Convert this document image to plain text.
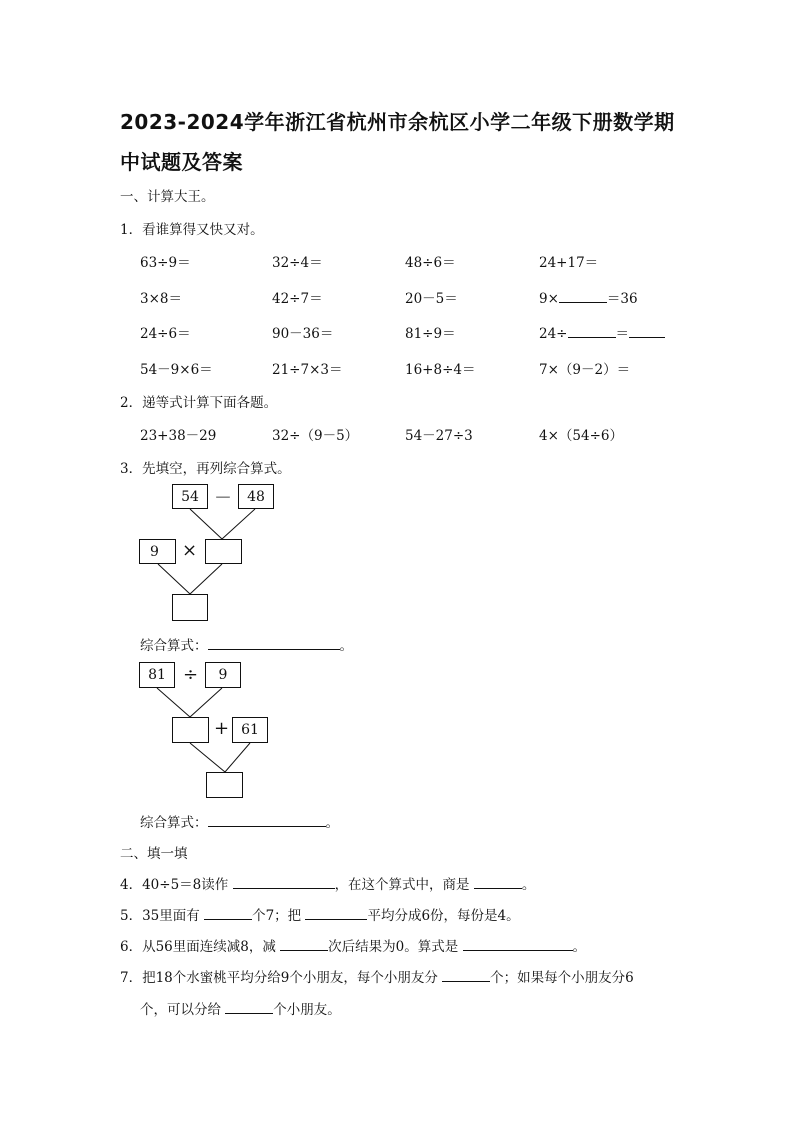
2023-2024学年浙江省杭州市余杭区小学二年级下册数学期
中试题及答案
一、计算大王。
1．看谁算得又快又对。
63÷9＝	32÷4＝	48÷6＝	24+17＝
3×8＝	42÷7＝	20－5＝	9×	＝36
24÷6＝	90－36＝	81÷9＝	24÷	＝
54－9×6＝	21÷7×3＝	16+8÷4＝	7×（9－2）＝
2．递等式计算下面各题。
23+38－29	32÷（9－5）	54－27÷3	4×（54÷6）
3．先填空，再列综合算式。
54 －	48
9	×
综合算式：	。
81 ÷	9
+ 61
综合算式：	。
二、填一填
4．40÷5＝8读作	，在这个算式中，商是	。
5．35里面有	个7；把	平均分成6份，每份是4。
6．从56里面连续减8，减	次后结果为0。算式是	。
7．把18个水蜜桃平均分给9个小朋友，每个小朋友分	个；如果每个小朋友分6
个，可以分给	个小朋友。
